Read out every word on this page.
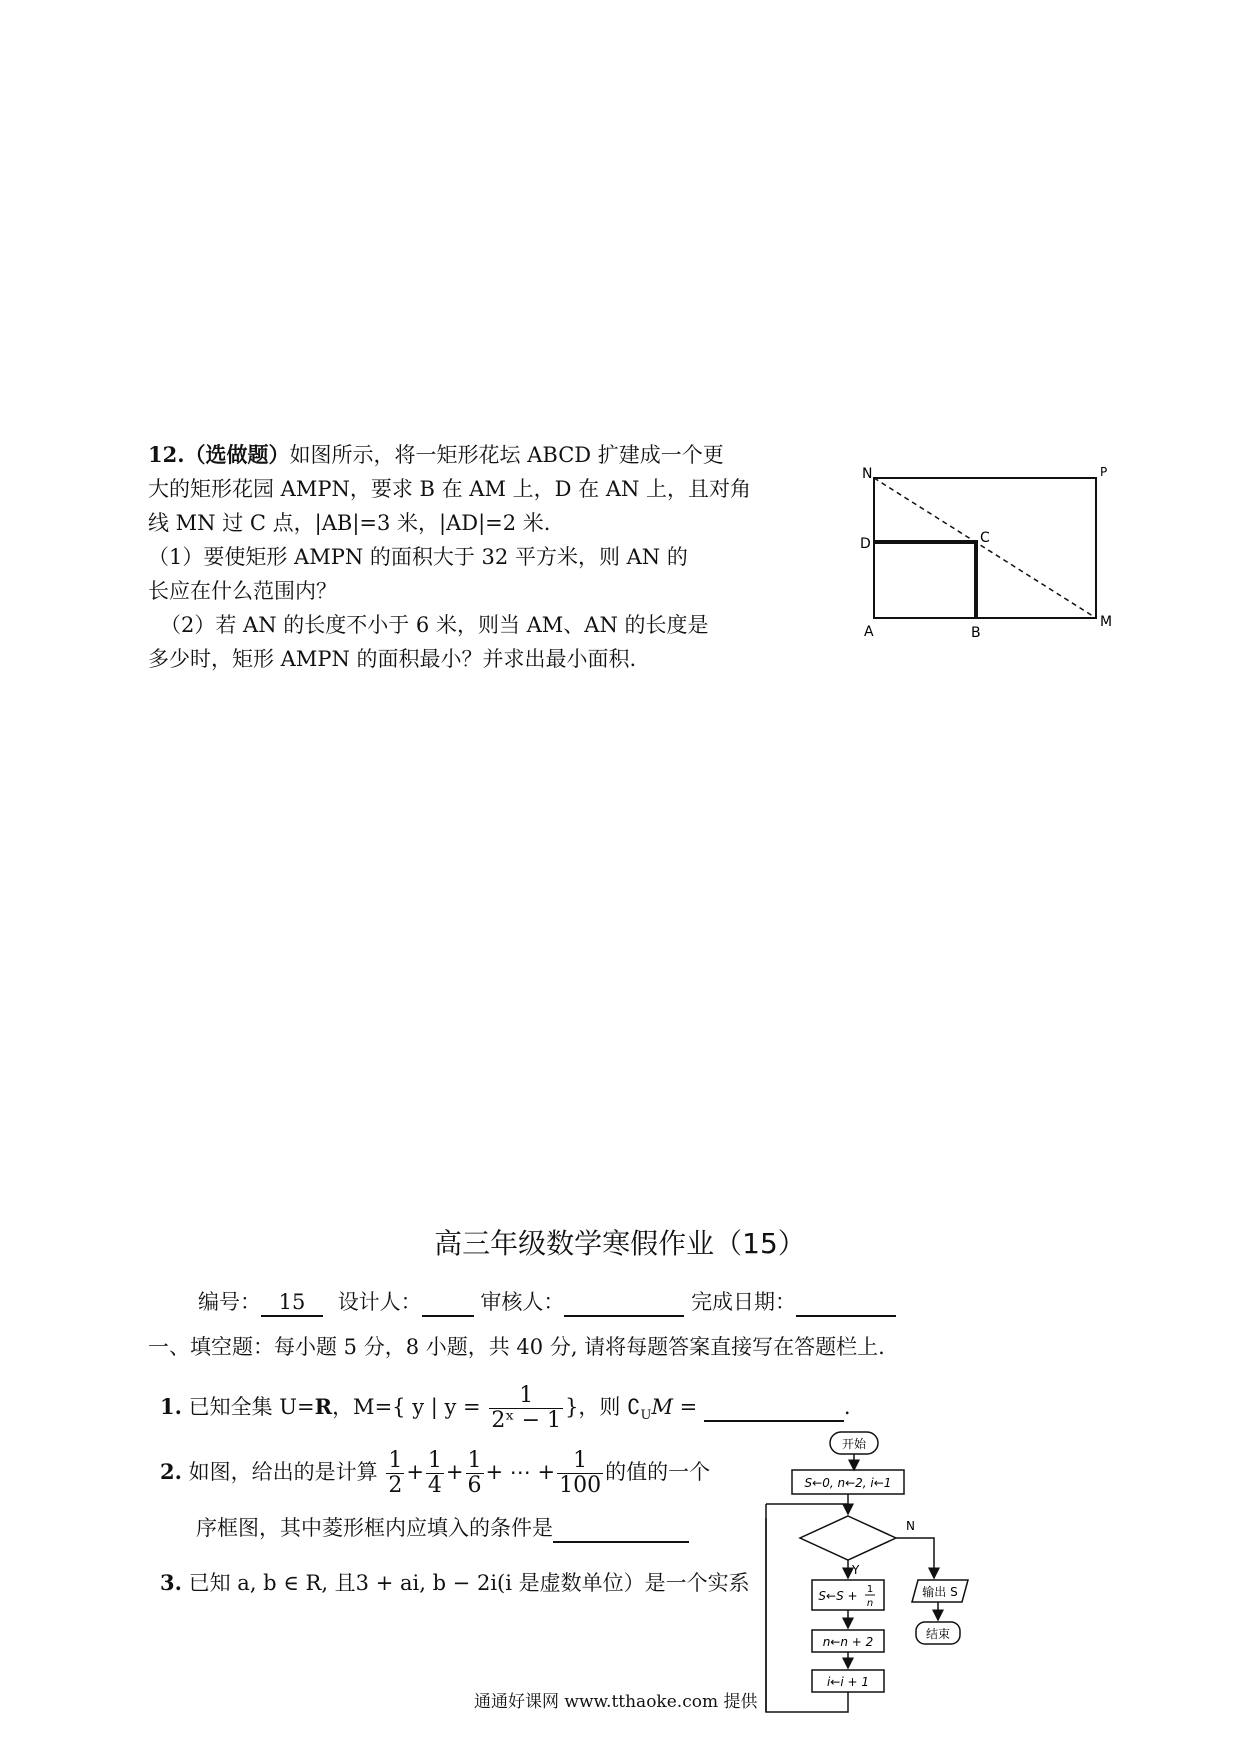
12.（选做题）如图所示，将一矩形花坛 ABCD 扩建成一个更
大的矩形花园 AMPN，要求 B 在 AM 上，D 在 AN 上，且对角
线 MN 过 C 点，|AB|=3 米，|AD|=2 米.
（1）要使矩形 AMPN 的面积大于 32 平方米，则 AN 的
长应在什么范围内？
（2）若 AN 的长度不小于 6 米，则当 AM、AN 的长度是
多少时，矩形 AMPN 的面积最小？并求出最小面积.
N	P
D	C
A	B
M
高三年级数学寒假作业（15）
编号： 15 设计人：	审核人：	完成日期：
一、填空题：每小题 5 分，8 小题，共 40 分, 请将每题答案直接写在答题栏上.
1. 已知全集 U=R，M={ y | $y = \frac{1}{\text{2ˣ − 1}}$ }，则 $∁_UM$ =	.
2. 如图，给出的是计算 $\frac{1}{2} + \frac{1}{4} + \frac{1}{6}$ + ⋯ + $\frac{1}{100}$ 的值的一个
序框图，其中菱形框内应填入的条件是
3. 已知 a, b ∈ R, 且3 + ai, b − 2i(i 是虚数单位）是一个实系
开始
S←0, n←2, i←1
N
Y
S←S + 1
n
n←n + 2
i←i + 1
输出 S
结束
通通好课网 www.tthaoke.com 提供
